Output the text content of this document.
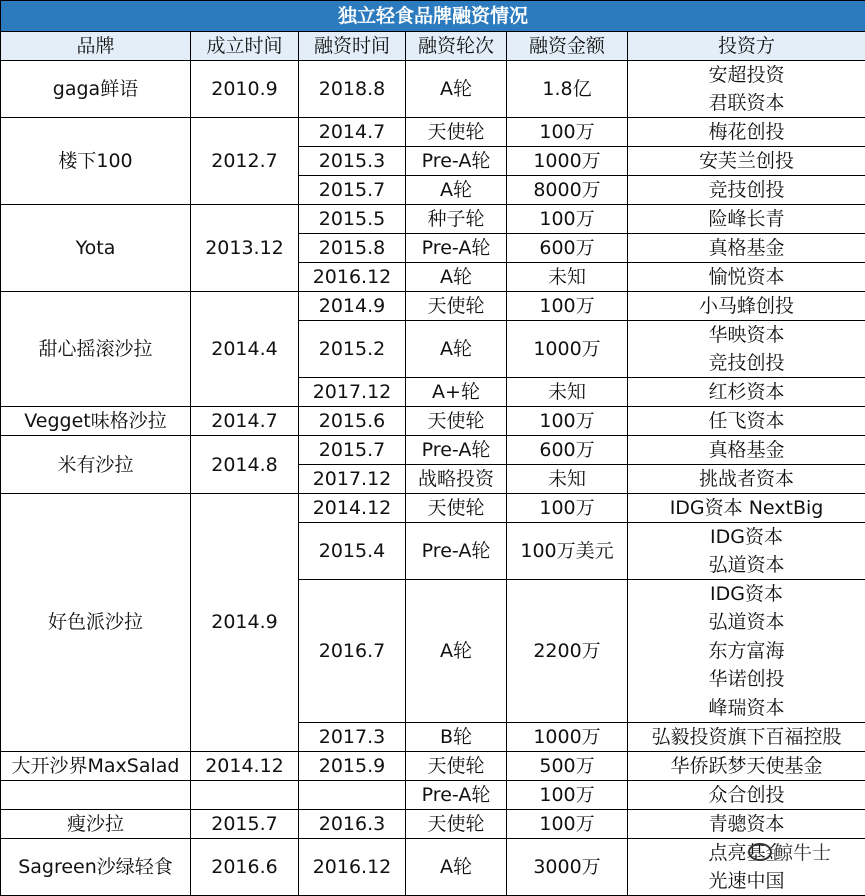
独立轻食品牌融资情况					
品牌	成立时间	融资时间	融资轮次	融资金额	投资方
gaga鲜语	2010.9	2018.8	A轮	1.8亿	安超投资
					君联资本
楼下100	2012.7	2014.7	天使轮	100万	梅花创投
		2015.3	Pre-A轮	1000万	安芙兰创投
		2015.7	A轮	8000万	竞技创投
Yota	2013.12	2015.5	种子轮	100万	险峰长青
		2015.8	Pre-A轮	600万	真格基金
		2016.12	A轮	未知	愉悦资本
甜心摇滚沙拉	2014.4	2014.9	天使轮	100万	小马蜂创投
		2015.2	A轮	1000万	华映资本
					竞技创投
		2017.12	A+轮	未知	红杉资本
Vegget味格沙拉	2014.7	2015.6	天使轮	100万	任飞资本
米有沙拉	2014.8	2015.7	Pre-A轮	600万	真格基金
		2017.12	战略投资	未知	挑战者资本
好色派沙拉	2014.9	2014.12	天使轮	100万	IDG资本 NextBig
		2015.4	Pre-A轮	100万美元	IDG资本
					弘道资本
		2016.7	A轮	2200万	IDG资本
					弘道资本
					东方富海
					华诺创投
					峰瑞资本
		2017.3	B轮	1000万	弘毅投资旗下百福控股
大开沙界MaxSalad	2014.12	2015.9	天使轮	500万	华侨跃梦天使基金
			Pre-A轮	100万	众合创投
瘦沙拉	2015.7	2016.3	天使轮	100万	青骢资本
Sagreen沙绿轻食	2016.6	2016.12	A轮	3000万	点亮基金
					光速中国
鲸牛士
